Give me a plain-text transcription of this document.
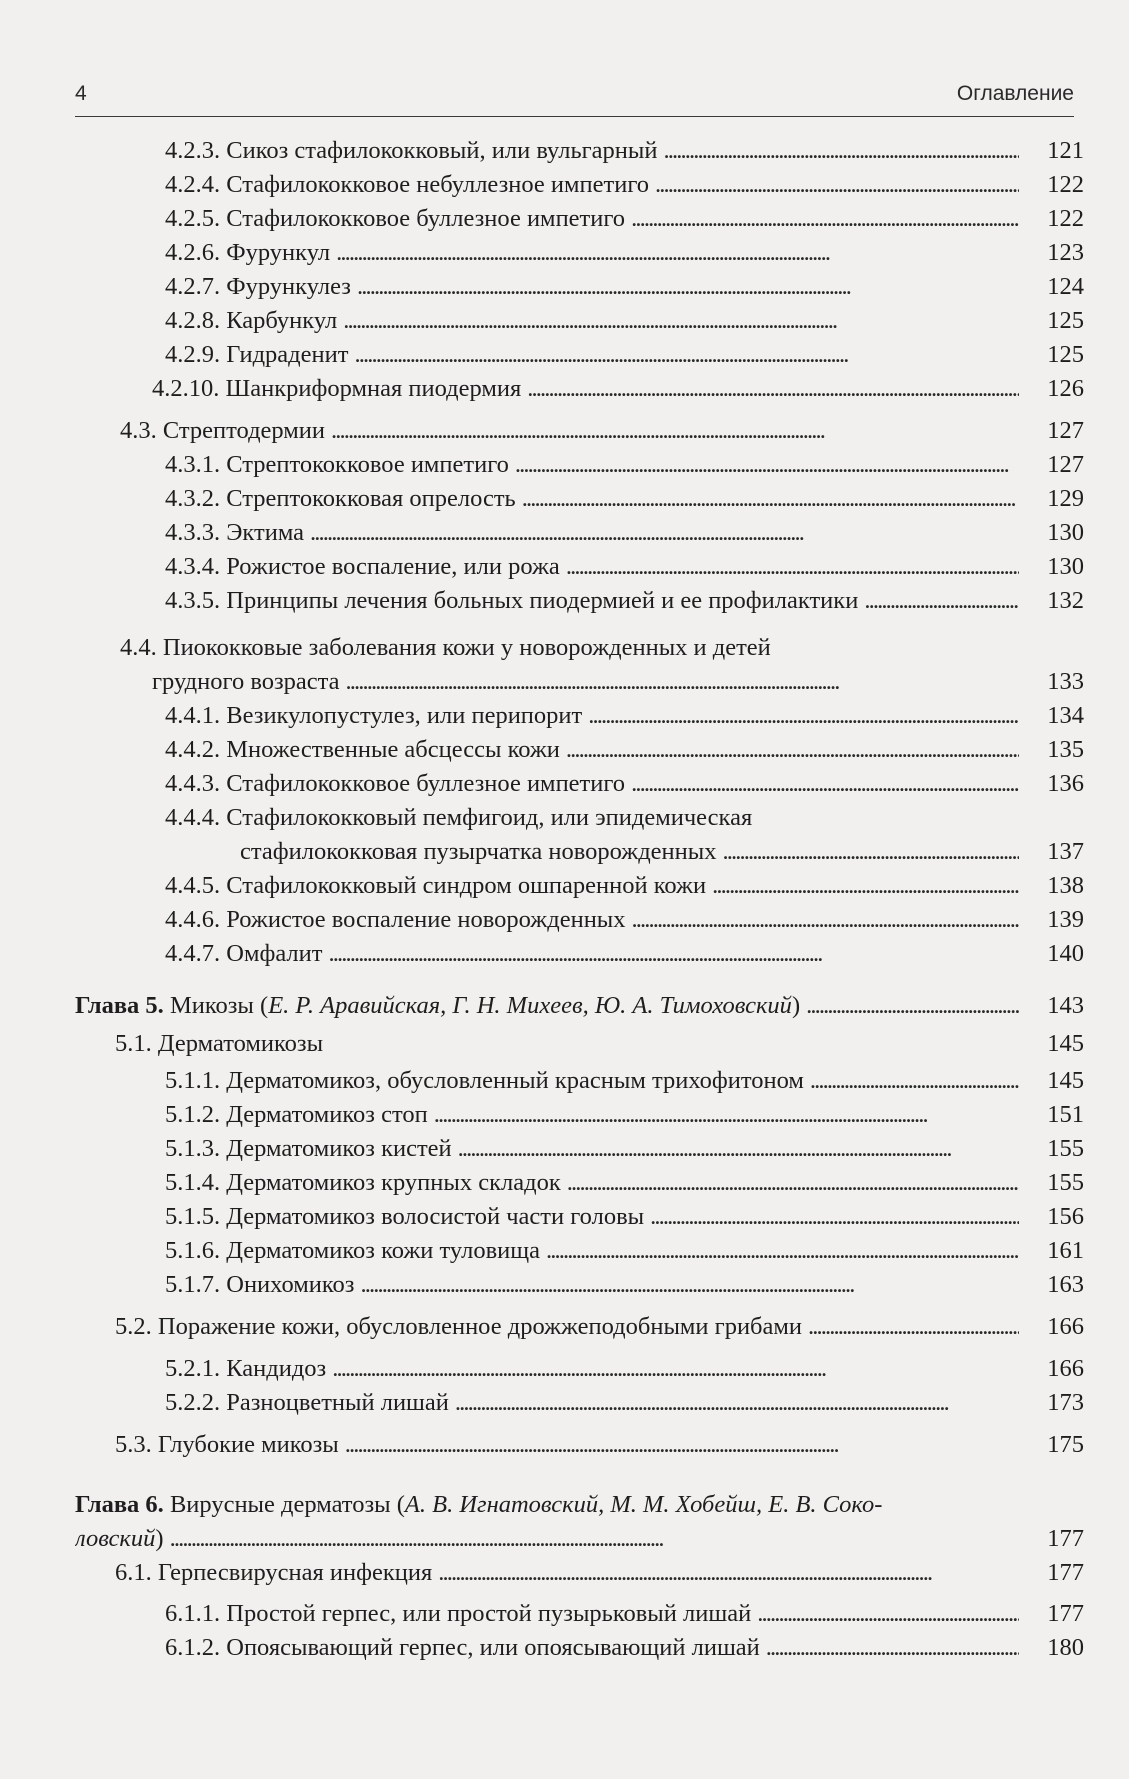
4	Оглавление
4.2.3. Сикоз стафилококковый, или вульгарный . . .	121
4.2.4. Стафилококковое небуллезное импетиго . . .	122
4.2.5. Стафилококковое буллезное импетиго . . .	122
4.2.6. Фурункул . . .	123
4.2.7. Фурункулез . . .	124
4.2.8. Карбункул . . .	125
4.2.9. Гидраденит . . .	125
4.2.10. Шанкриформная пиодермия . . .	126
4.3. Стрептодермии . . .	127
4.3.1. Стрептококковое импетиго . . .	127
4.3.2. Стрептококковая опрелость . . .	129
4.3.3. Эктима . . .	130
4.3.4. Рожистое воспаление, или рожа . . .	130
4.3.5. Принципы лечения больных пиодермией и ее профилактики . . .	132
4.4. Пиококковые заболевания кожи у новорожденных и детей
грудного возраста . . .	133
4.4.1. Везикулопустулез, или перипорит . . .	134
4.4.2. Множественные абсцессы кожи . . .	135
4.4.3. Стафилококковое буллезное импетиго . . .	136
4.4.4. Стафилококковый пемфигоид, или эпидемическая
стафилококковая пузырчатка новорожденных . . .	137
4.4.5. Стафилококковый синдром ошпаренной кожи . . .	138
4.4.6. Рожистое воспаление новорожденных . . .	139
4.4.7. Омфалит . . .	140
Глава 5. Микозы (Е. Р. Аравийская, Г. Н. Михеев, Ю. А. Тимоховский) . . .	143
5.1. Дерматомикозы	145
5.1.1. Дерматомикоз, обусловленный красным трихофитоном . . .	145
5.1.2. Дерматомикоз стоп . . .	151
5.1.3. Дерматомикоз кистей . . .	155
5.1.4. Дерматомикоз крупных складок . . .	155
5.1.5. Дерматомикоз волосистой части головы . . .	156
5.1.6. Дерматомикоз кожи туловища . . .	161
5.1.7. Онихомикоз . . .	163
5.2. Поражение кожи, обусловленное дрожжеподобными грибами . . .	166
5.2.1. Кандидоз . . .	166
5.2.2. Разноцветный лишай . . .	173
5.3. Глубокие микозы . . .	175
Глава 6. Вирусные дерматозы (А. В. Игнатовский, М. М. Хобейш, Е. В. Соко-
ловский) . . .	177
6.1. Герпесвирусная инфекция . . .	177
6.1.1. Простой герпес, или простой пузырьковый лишай . . .	177
6.1.2. Опоясывающий герпес, или опоясывающий лишай . . .	180
